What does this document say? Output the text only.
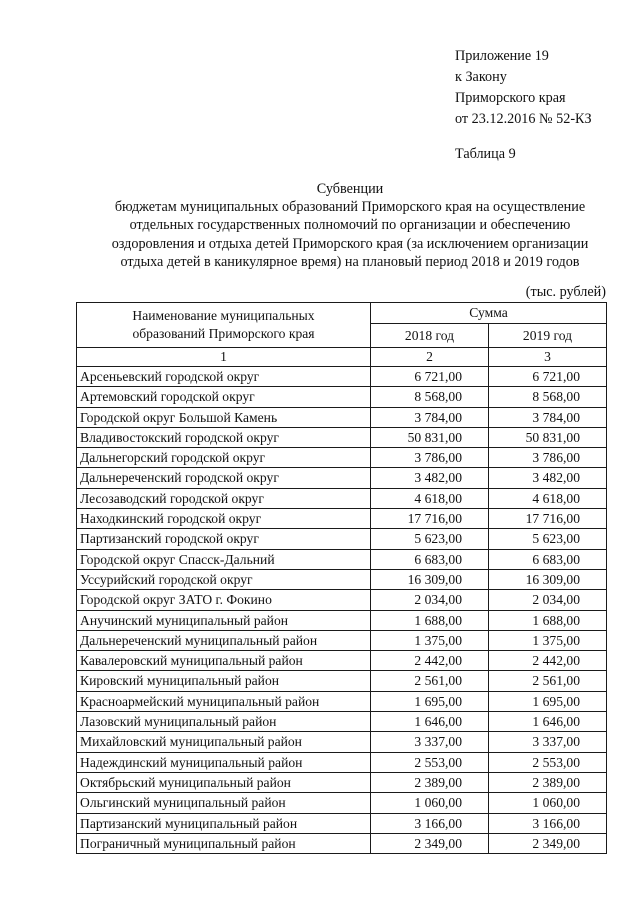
Приложение 19
к Закону
Приморского края
от 23.12.2016 № 52-КЗ
Таблица 9
Субвенции
бюджетам муниципальных образований Приморского края на осуществление
отдельных государственных полномочий по организации и обеспечению
оздоровления и отдыха детей Приморского края (за исключением организации
отдыха детей в каникулярное время) на плановый период 2018 и 2019 годов
(тыс. рублей)
Наименование муниципальных
образований Приморского края	Сумма	
	2018 год	2019 год
1	2	3
Арсеньевский городской округ	6 721,00	6 721,00
Артемовский городской округ	8 568,00	8 568,00
Городской округ Большой Камень	3 784,00	3 784,00
Владивостокский городской округ	50 831,00	50 831,00
Дальнегорский городской округ	3 786,00	3 786,00
Дальнереченский городской округ	3 482,00	3 482,00
Лесозаводский городской округ	4 618,00	4 618,00
Находкинский городской округ	17 716,00	17 716,00
Партизанский городской округ	5 623,00	5 623,00
Городской округ Спасск-Дальний	6 683,00	6 683,00
Уссурийский городской округ	16 309,00	16 309,00
Городской округ ЗАТО г. Фокино	2 034,00	2 034,00
Анучинский муниципальный район	1 688,00	1 688,00
Дальнереченский муниципальный район	1 375,00	1 375,00
Кавалеровский муниципальный район	2 442,00	2 442,00
Кировский муниципальный район	2 561,00	2 561,00
Красноармейский муниципальный район	1 695,00	1 695,00
Лазовский муниципальный район	1 646,00	1 646,00
Михайловский муниципальный район	3 337,00	3 337,00
Надеждинский муниципальный район	2 553,00	2 553,00
Октябрьский муниципальный район	2 389,00	2 389,00
Ольгинский муниципальный район	1 060,00	1 060,00
Партизанский муниципальный район	3 166,00	3 166,00
Пограничный муниципальный район	2 349,00	2 349,00
